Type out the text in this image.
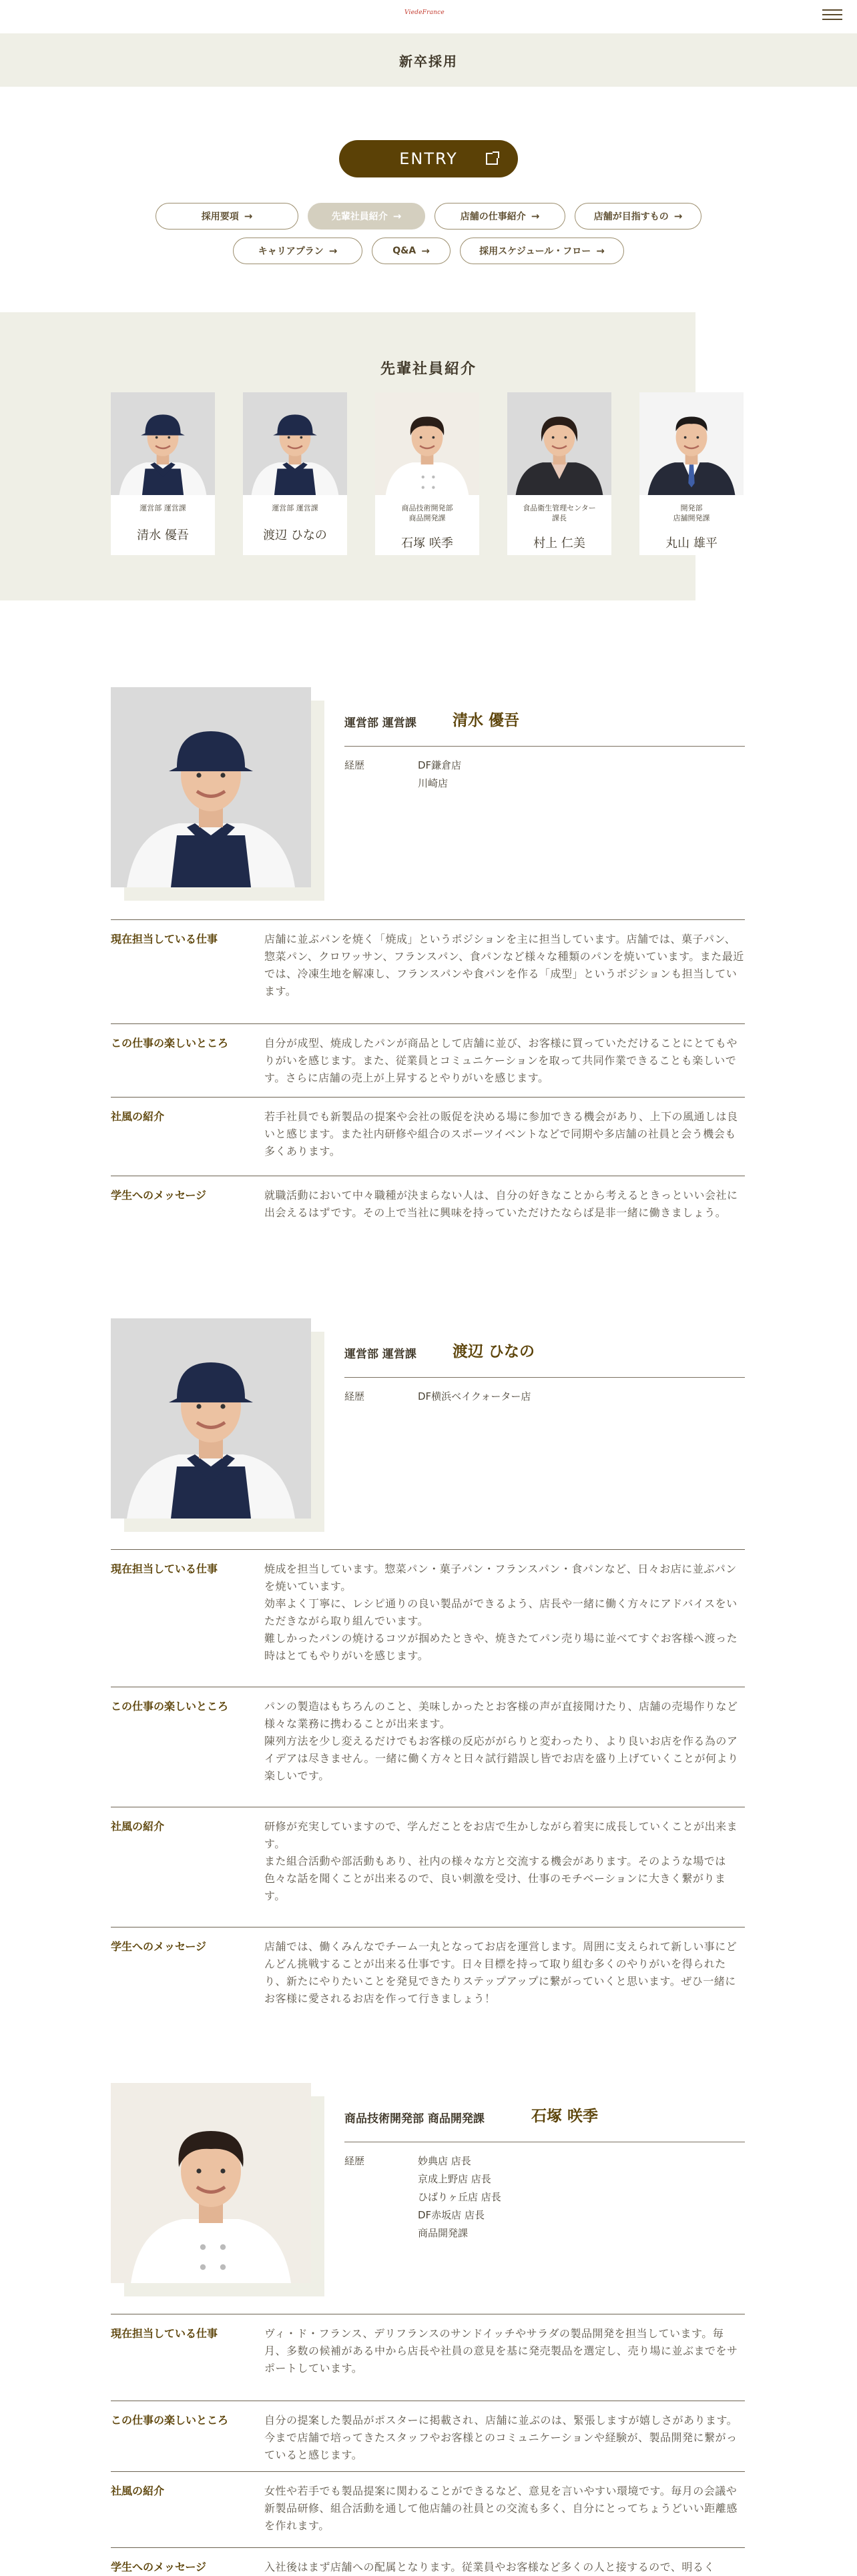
ViedeFrance
新卒採用
ENTRY
採用要項 →	先輩社員紹介 →	店舗の仕事紹介 →	店舗が目指すもの →
キャリアプラン →	Q&A →	採用スケジュール・フロー →
先輩社員紹介
運営部 運営課
清水 優吾
運営部 運営課
渡辺 ひなの
商品技術開発部
商品開発課
石塚 咲季
食品衛生管理センター
課長
村上 仁美
開発部
店舗開発課
丸山 雄平
運営部 運営課 清水 優吾
経歴	DF鎌倉店
川崎店
現在担当している仕事	店舗に並ぶパンを焼く「焼成」というポジションを主に担当しています。店舗では、菓子パン、惣菜パン、クロワッサン、フランスパン、食パンなど様々な種類のパンを焼いています。また最近では、冷凍生地を解凍し、フランスパンや食パンを作る「成型」というポジションも担当しています。
この仕事の楽しいところ	自分が成型、焼成したパンが商品として店舗に並び、お客様に買っていただけることにとてもやりがいを感じます。また、従業員とコミュニケーションを取って共同作業できることも楽しいです。さらに店舗の売上が上昇するとやりがいを感じます。
社風の紹介	若手社員でも新製品の提案や会社の販促を決める場に参加できる機会があり、上下の風通しは良いと感じます。また社内研修や組合のスポーツイベントなどで同期や多店舗の社員と会う機会も多くあります。
学生へのメッセージ	就職活動において中々職種が決まらない人は、自分の好きなことから考えるときっといい会社に出会えるはずです。その上で当社に興味を持っていただけたならば是非一緒に働きましょう。
運営部 運営課 渡辺 ひなの
経歴	DF横浜ベイクォーター店
現在担当している仕事	焼成を担当しています。惣菜パン・菓子パン・フランスパン・食パンなど、日々お店に並ぶパンを焼いています。
効率よく丁寧に、レシピ通りの良い製品ができるよう、店長や一緒に働く方々にアドバイスをいただきながら取り組んでいます。
難しかったパンの焼けるコツが掴めたときや、焼きたてパン売り場に並べてすぐお客様へ渡った時はとてもやりがいを感じます。
この仕事の楽しいところ	パンの製造はもちろんのこと、美味しかったとお客様の声が直接聞けたり、店舗の売場作りなど様々な業務に携わることが出来ます。
陳列方法を少し変えるだけでもお客様の反応ががらりと変わったり、より良いお店を作る為のアイデアは尽きません。一緒に働く方々と日々試行錯誤し皆でお店を盛り上げていくことが何より楽しいです。
社風の紹介	研修が充実していますので、学んだことをお店で生かしながら着実に成長していくことが出来ます。
また組合活動や部活動もあり、社内の様々な方と交流する機会があります。そのような場では色々な話を聞くことが出来るので、良い刺激を受け、仕事のモチベーションに大きく繋がります。
学生へのメッセージ	店舗では、働くみんなでチーム一丸となってお店を運営します。周囲に支えられて新しい事にどんどん挑戦することが出来る仕事です。日々目標を持って取り組む多くのやりがいを得られたり、新たにやりたいことを発見できたりステップアップに繋がっていくと思います。ぜひ一緒にお客様に愛されるお店を作って行きましょう！
商品技術開発部 商品開発課	石塚 咲季
経歴	妙典店 店長
京成上野店 店長
ひばりヶ丘店 店長
DF赤坂店 店長
商品開発課
現在担当している仕事	ヴィ・ド・フランス、デリフランスのサンドイッチやサラダの製品開発を担当しています。毎月、多数の候補がある中から店長や社員の意見を基に発売製品を選定し、売り場に並ぶまでをサポートしています。
この仕事の楽しいところ	自分の提案した製品がポスターに掲載され、店舗に並ぶのは、緊張しますが嬉しさがあります。今まで店舗で培ってきたスタッフやお客様とのコミュニケーションや経験が、製品開発に繋がっていると感じます。
社風の紹介	女性や若手でも製品提案に関わることができるなど、意見を言いやすい環境です。毎月の会議や新製品研修、組合活動を通して他店舗の社員との交流も多く、自分にとってちょうどいい距離感を作れます。
学生へのメッセージ	入社後はまず店舗への配属となります。従業員やお客様など多くの人と接するので、明るく
